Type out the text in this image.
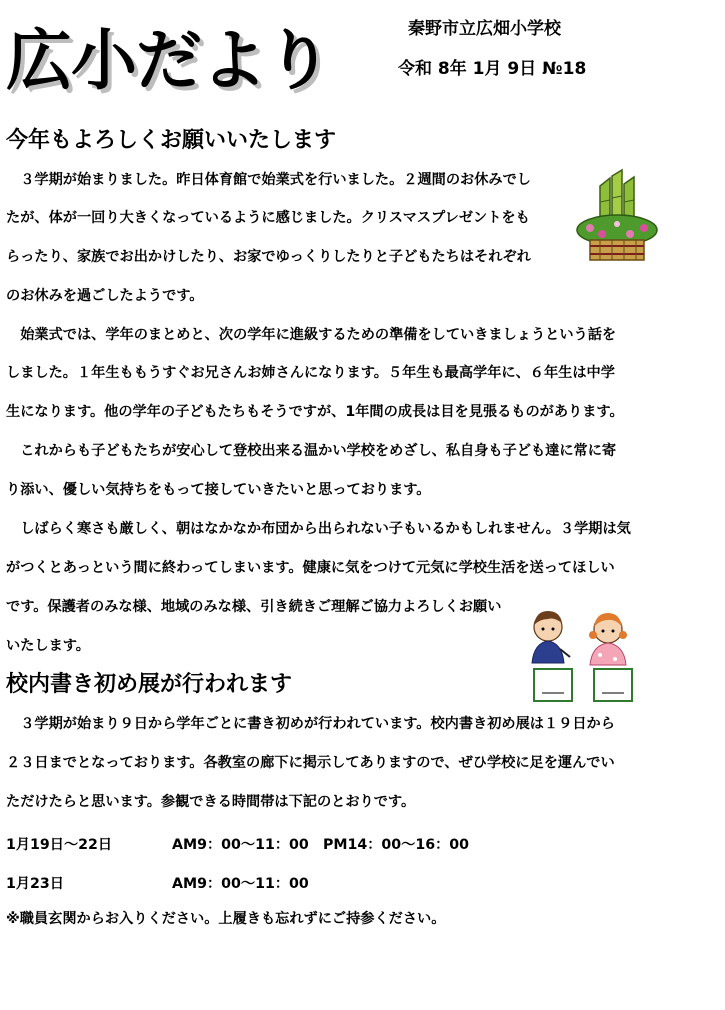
広小だより	秦野市立広畑小学校
令和 8年 1月 9日 №18
今年もよろしくお願いいたします
　３学期が始まりました。昨日体育館で始業式を行いました。２週間のお休みでし
たが、体が一回り大きくなっているように感じました。クリスマスプレゼントをも
らったり、家族でお出かけしたり、お家でゆっくりしたりと子どもたちはそれぞれ
のお休みを過ごしたようです。
　始業式では、学年のまとめと、次の学年に進級するための準備をしていきましょうという話を
しました。１年生ももうすぐお兄さんお姉さんになります。５年生も最高学年に、６年生は中学
生になります。他の学年の子どもたちもそうですが、1年間の成長は目を見張るものがあります。
　これからも子どもたちが安心して登校出来る温かい学校をめざし、私自身も子ども達に常に寄
り添い、優しい気持ちをもって接していきたいと思っております。
　しばらく寒さも厳しく、朝はなかなか布団から出られない子もいるかもしれません。３学期は気
がつくとあっという間に終わってしまいます。健康に気をつけて元気に学校生活を送ってほしい
です。保護者のみな様、地域のみな様、引き続きご理解ご協力よろしくお願い
いたします。
校内書き初め展が行われます
　３学期が始まり９日から学年ごとに書き初めが行われています。校内書き初め展は１９日から
２３日までとなっております。各教室の廊下に掲示してありますので、ぜひ学校に足を運んでい
ただけたらと思います。参観できる時間帯は下記のとおりです。
1月19日～22日	AM9：00～11：00　PM14：00～16：00
1月23日	AM9：00～11：00
※職員玄関からお入りください。上履きも忘れずにご持参ください。
